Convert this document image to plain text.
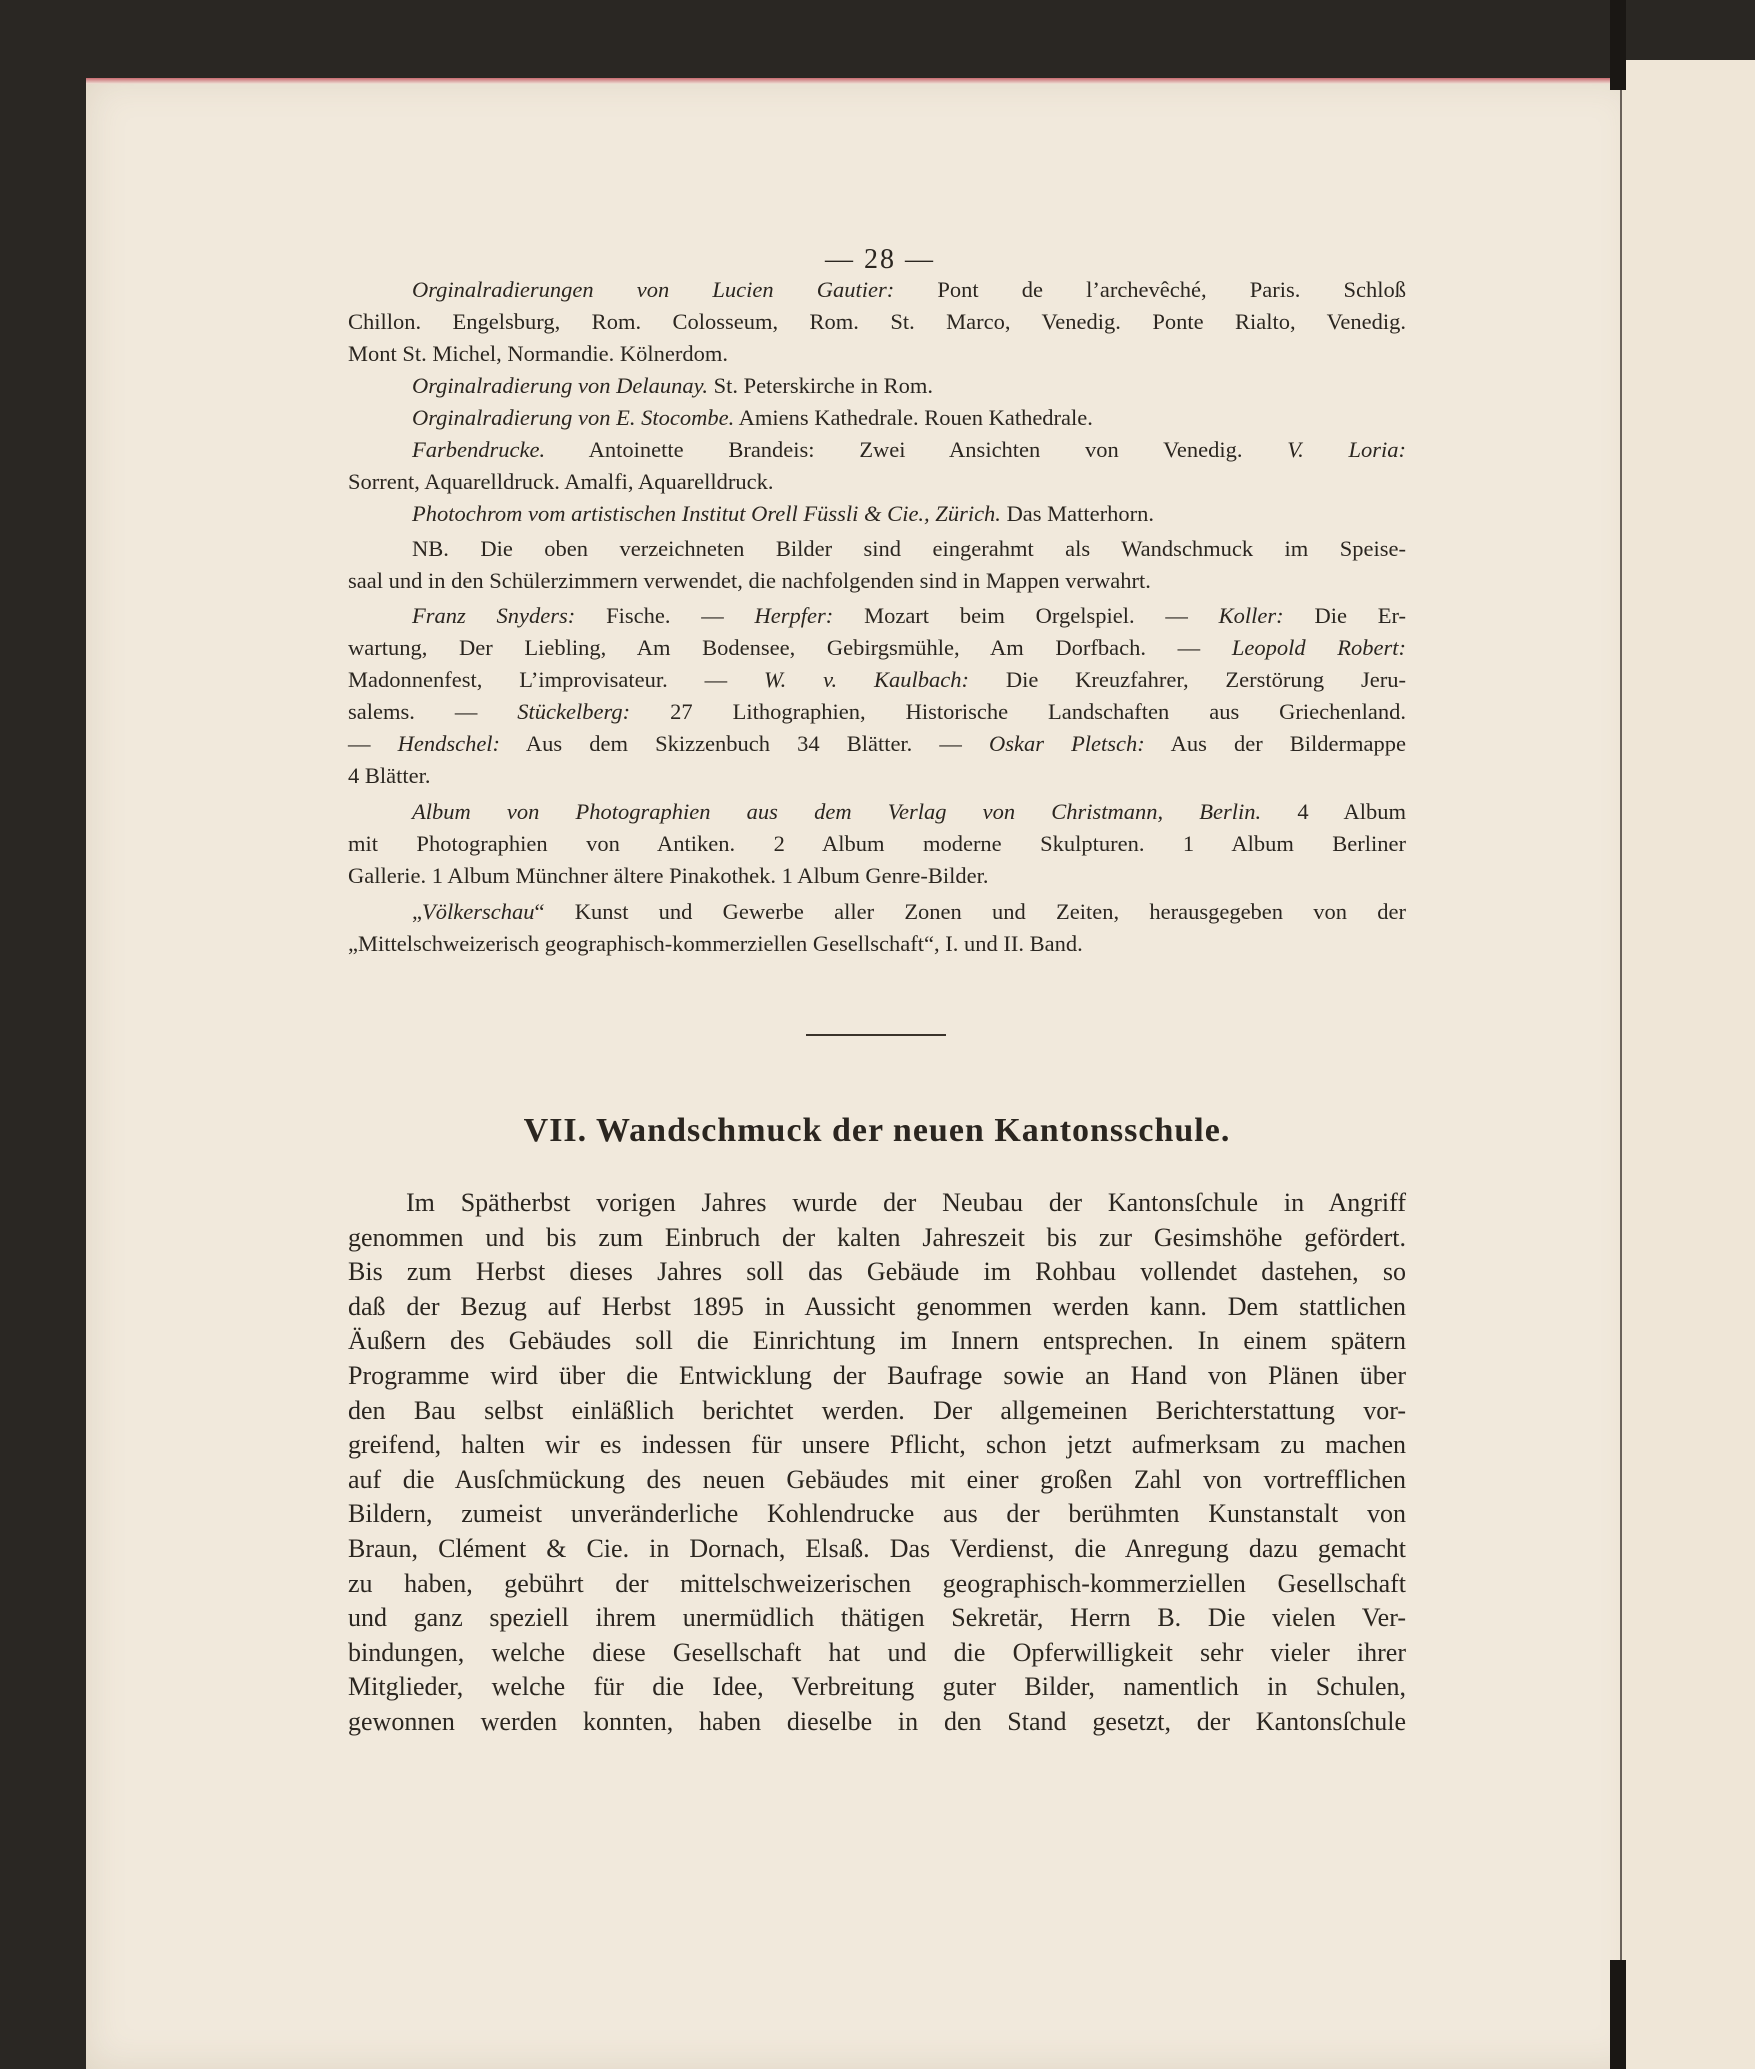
— 28 —
Orginalradierungen von Lucien Gautier: Pont de l’archevêché, Paris. Schloß
Chillon. Engelsburg, Rom. Colosseum, Rom. St. Marco, Venedig. Ponte Rialto, Venedig.
Mont St. Michel, Normandie. Kölnerdom.
Orginalradierung von Delaunay. St. Peterskirche in Rom.
Orginalradierung von E. Stocombe. Amiens Kathedrale. Rouen Kathedrale.
Farbendrucke. Antoinette Brandeis: Zwei Ansichten von Venedig. V. Loria:
Sorrent, Aquarelldruck. Amalfi, Aquarelldruck.
Photochrom vom artistischen Institut Orell Füssli & Cie., Zürich. Das Matterhorn.
NB. Die oben verzeichneten Bilder sind eingerahmt als Wandschmuck im Speise-
saal und in den Schülerzimmern verwendet, die nachfolgenden sind in Mappen verwahrt.
Franz Snyders: Fische. — Herpfer: Mozart beim Orgelspiel. — Koller: Die Er-
wartung, Der Liebling, Am Bodensee, Gebirgsmühle, Am Dorfbach. — Leopold Robert:
Madonnenfest, L’improvisateur. — W. v. Kaulbach: Die Kreuzfahrer, Zerstörung Jeru-
salems. — Stückelberg: 27 Lithographien, Historische Landschaften aus Griechenland.
— Hendschel: Aus dem Skizzenbuch 34 Blätter. — Oskar Pletsch: Aus der Bildermappe
4 Blätter.
Album von Photographien aus dem Verlag von Christmann, Berlin. 4 Album
mit Photographien von Antiken. 2 Album moderne Skulpturen. 1 Album Berliner
Gallerie. 1 Album Münchner ältere Pinakothek. 1 Album Genre-Bilder.
„Völkerschau“ Kunst und Gewerbe aller Zonen und Zeiten, herausgegeben von der
„Mittelschweizerisch geographisch-kommerziellen Gesellschaft“, I. und II. Band.
VII. Wandschmuck der neuen Kantonsschule.
Im Spätherbst vorigen Jahres wurde der Neubau der Kantonsſchule in Angriff
genommen und bis zum Einbruch der kalten Jahreszeit bis zur Gesimshöhe gefördert.
Bis zum Herbst dieses Jahres soll das Gebäude im Rohbau vollendet dastehen, so
daß der Bezug auf Herbst 1895 in Aussicht genommen werden kann. Dem stattlichen
Äußern des Gebäudes soll die Einrichtung im Innern entsprechen. In einem spätern
Programme wird über die Entwicklung der Baufrage sowie an Hand von Plänen über
den Bau selbst einläßlich berichtet werden. Der allgemeinen Berichterstattung vor-
greifend, halten wir es indessen für unsere Pflicht, schon jetzt aufmerksam zu machen
auf die Ausſchmückung des neuen Gebäudes mit einer großen Zahl von vortrefflichen
Bildern, zumeist unveränderliche Kohlendrucke aus der berühmten Kunstanstalt von
Braun, Clément & Cie. in Dornach, Elsaß. Das Verdienst, die Anregung dazu gemacht
zu haben, gebührt der mittelschweizerischen geographisch-kommerziellen Gesellschaft
und ganz speziell ihrem unermüdlich thätigen Sekretär, Herrn B. Die vielen Ver-
bindungen, welche diese Gesellschaft hat und die Opferwilligkeit sehr vieler ihrer
Mitglieder, welche für die Idee, Verbreitung guter Bilder, namentlich in Schulen,
gewonnen werden konnten, haben dieselbe in den Stand gesetzt, der Kantonsſchule
